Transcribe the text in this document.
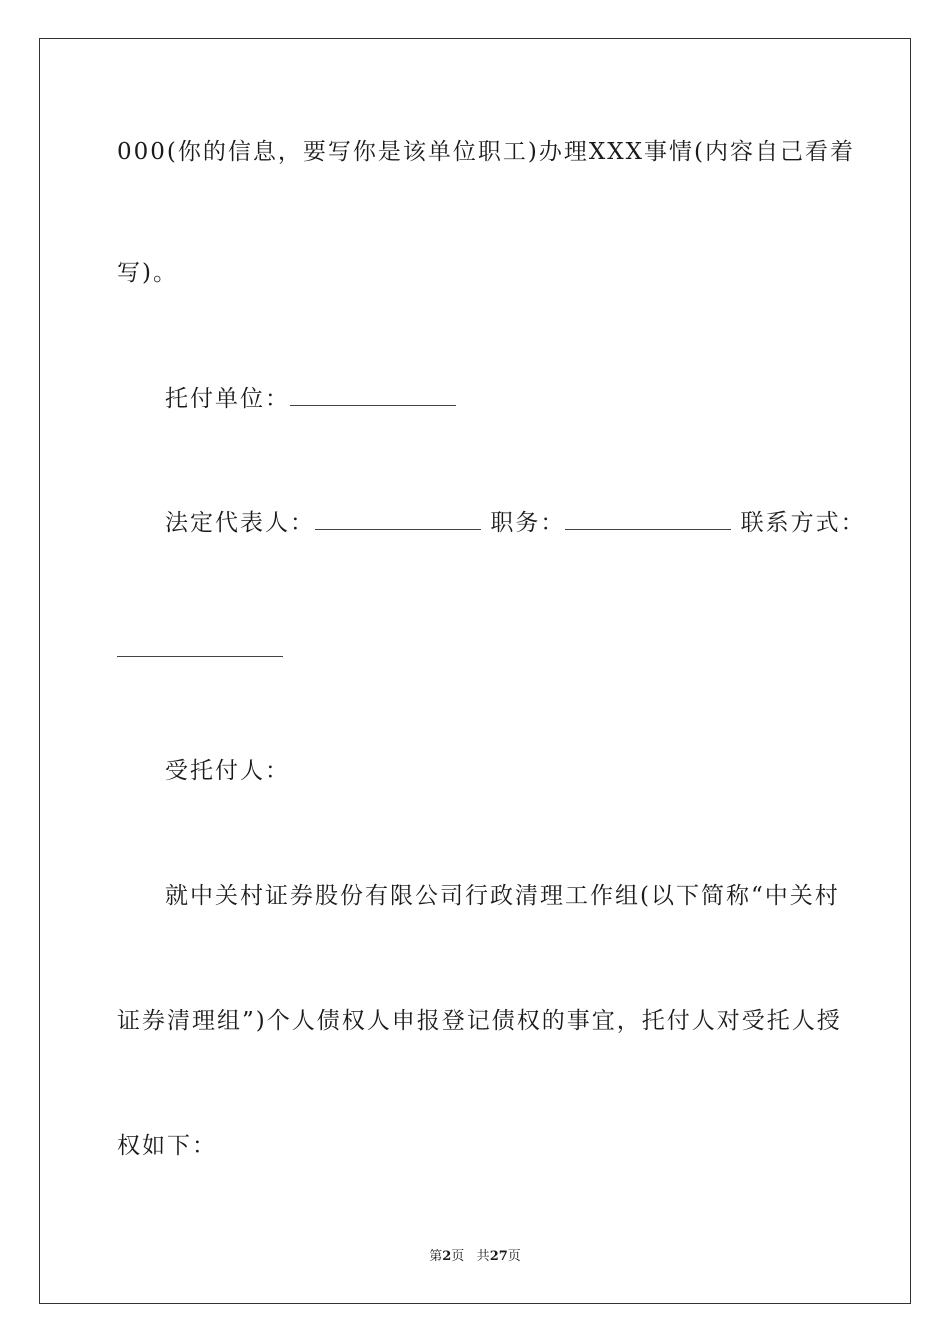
000(你的信息，要写你是该单位职工)办理XXX事情(内容自己看着
写)。
托付单位：
法定代表人：	职务：	联系方式：
受托付人：
就中关村证券股份有限公司行政清理工作组(以下简称“中关村
证券清理组”)个人债权人申报登记债权的事宜，托付人对受托人授
权如下：
第2页 共27页
